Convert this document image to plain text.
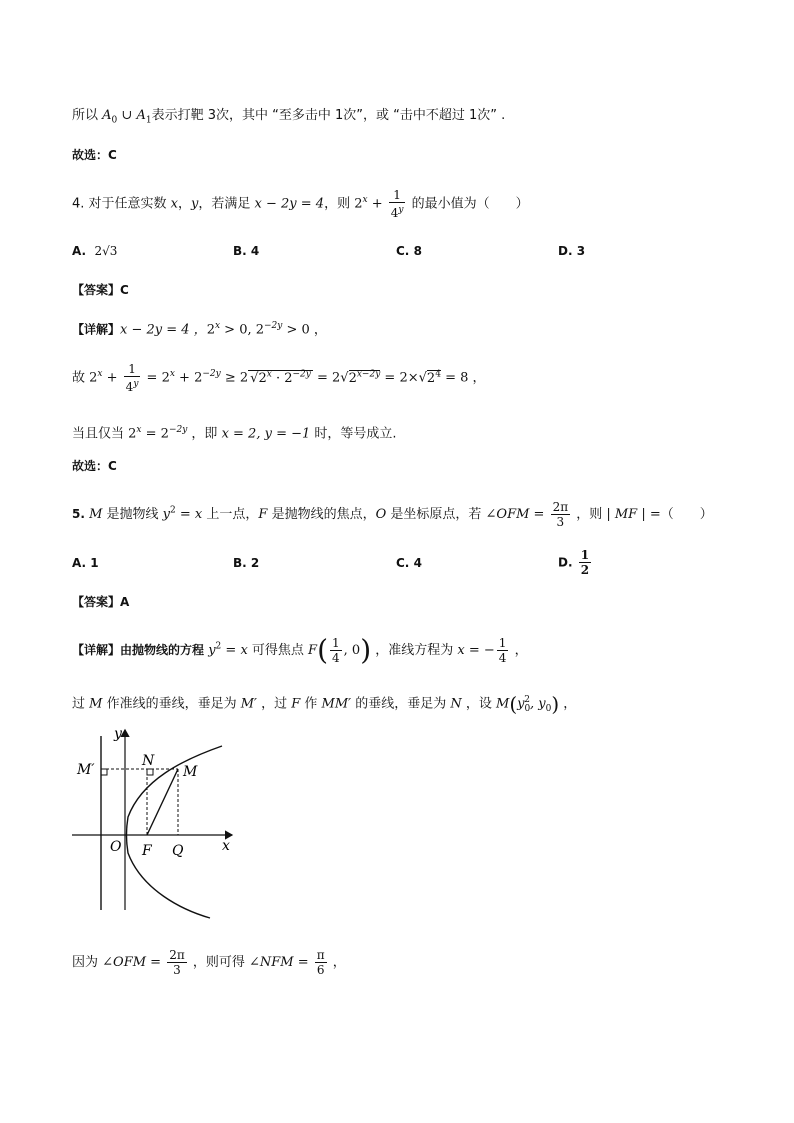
所以 $A_0$ ∪ $A_1$表示打靶 3次，其中 “至多击中 1次”，或 “击中不超过 1次” .
故选：C
4. 对于任意实数 x，y，若满足 x − 2y = 4，则 $2^x + \frac{1}{4^y}$ 的最小值为（　　）
A. 2√3	B. 4	C. 8	D. 3
【答案】C
【详解】x − 2y = 4 ，$2^x > 0$, $2^{-2y} > 0$ ，
故 $2^x + \frac{1}{4^y} = 2^x + 2^{-2y} \ge 2$ $√2^x \cdot 2^{-2y} = 2√2^{x-2y} = 2\times√2^4 = 8$ ，
当且仅当 $2^x = 2^{-2y}$ ，即 x = 2, y = −1 时，等号成立.
故选：C
5. M 是抛物线 $y^2 = x$ 上一点，F 是抛物线的焦点，O 是坐标原点，若 ∠OFM = $\frac{2\pi}{3}$ ，则 | MF | =（　　）
A. 1	B. 2	C. 4	D. $\frac{1}{2}$
【答案】A
【详解】由抛物线的方程 $y^2 = x$ 可得焦点 $F( \frac{1}{4}$ , 0) ，准线方程为 x = − $\frac{1}{4}$ ，
过 M 作准线的垂线，垂足为 M′ ，过 F 作 MM′ 的垂线，垂足为 N ，设 $M(y_0^2$, $y_0$) ，
y
M′
N
M
O F Q	x
因为 ∠OFM = $\frac{2\pi}{3}$ ，则可得 ∠NFM = $\frac{\pi}{6}$ ，
